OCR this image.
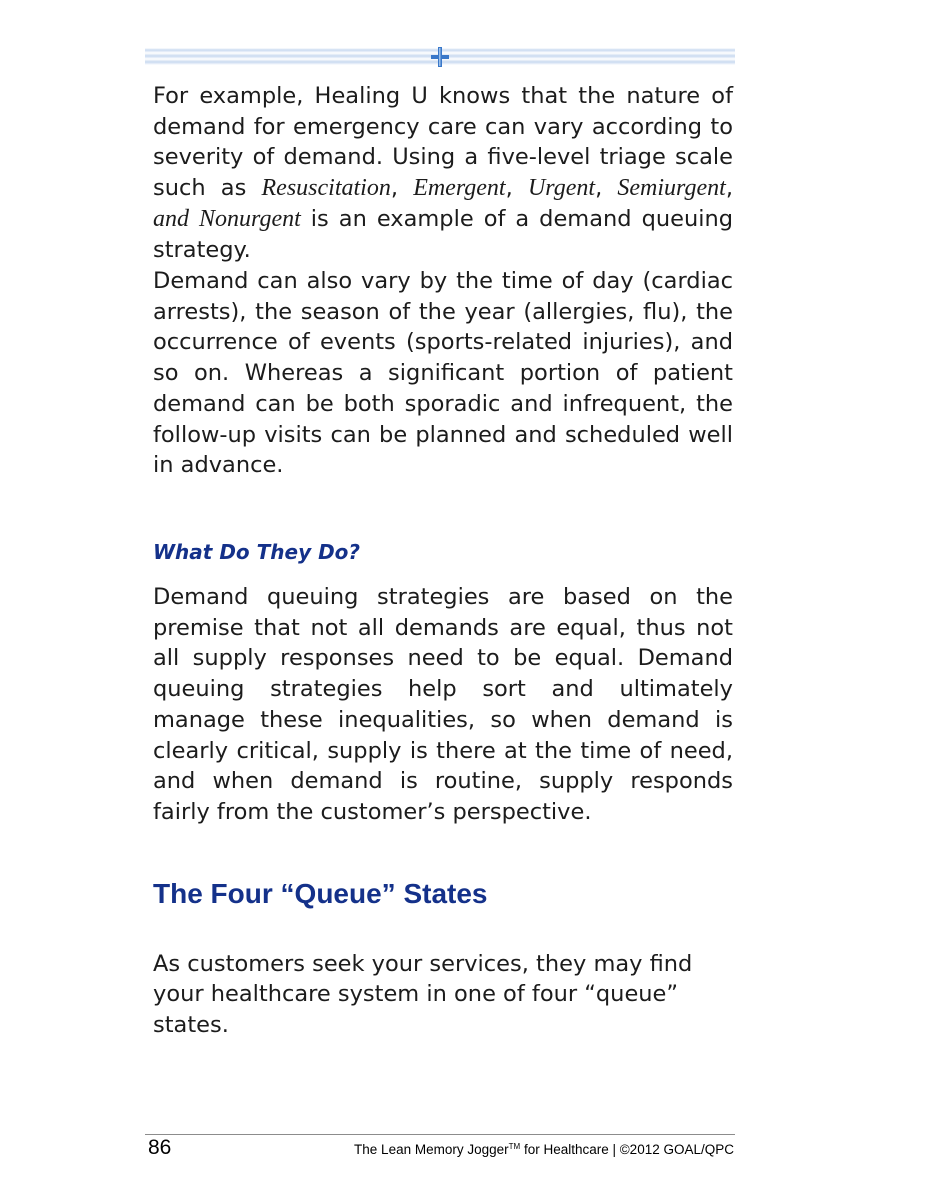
For example, Healing U knows that the nature of demand for emergency care can vary according to severity of demand. Using a five-level triage scale such as Resuscitation, Emergent, Urgent, Semiurgent, and Nonurgent is an example of a demand queuing strategy.

Demand can also vary by the time of day (cardiac arrests), the season of the year (allergies, flu), the occurrence of events (sports-related injuries), and so on. Whereas a significant portion of patient demand can be both sporadic and infrequent, the follow-up visits can be planned and scheduled well in advance.

What Do They Do?

Demand queuing strategies are based on the premise that not all demands are equal, thus not all supply responses need to be equal. Demand queuing strategies help sort and ultimately manage these inequalities, so when demand is clearly critical, supply is there at the time of need, and when demand is routine, supply responds fairly from the customer’s perspective.

The Four “Queue” States

As customers seek your services, they may find your healthcare system in one of four “queue” states.

86	The Lean Memory Jogger™ for Healthcare | ©2012 GOAL/QPC
